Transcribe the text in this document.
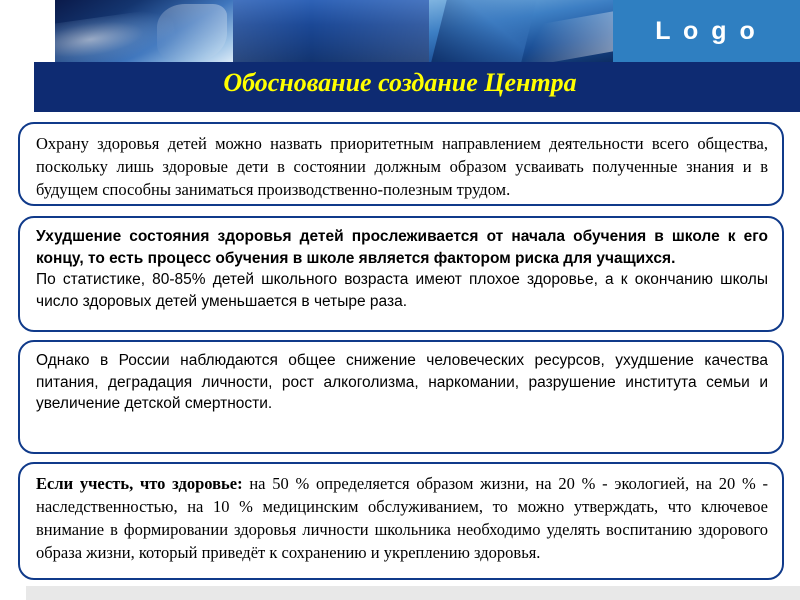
L o g o
Обоснование создание Центра

Охрану здоровья детей можно назвать приоритетным направлением деятельности всего общества, поскольку лишь здоровые дети в состоянии должным образом усваивать полученные знания и в будущем способны заниматься производственно-полезным трудом.

Ухудшение состояния здоровья детей прослеживается от начала обучения в школе к его концу, то есть процесс обучения в школе является фактором риска для учащихся.

По статистике, 80-85% детей школьного возраста имеют плохое здоровье, а к окончанию школы число здоровых детей уменьшается в четыре раза.

Однако в России наблюдаются общее снижение человеческих ресурсов, ухудшение качества питания, деградация личности, рост алкоголизма, наркомании, разрушение института семьи и увеличение детской смертности.

Если учесть, что здоровье: на 50 % определяется образом жизни, на 20 % - экологией, на 20 % - наследственностью, на 10 % медицинским обслуживанием, то можно утверждать, что ключевое внимание в формировании здоровья личности школьника необходимо уделять воспитанию здорового образа жизни, который приведёт к сохранению и укреплению здоровья.
